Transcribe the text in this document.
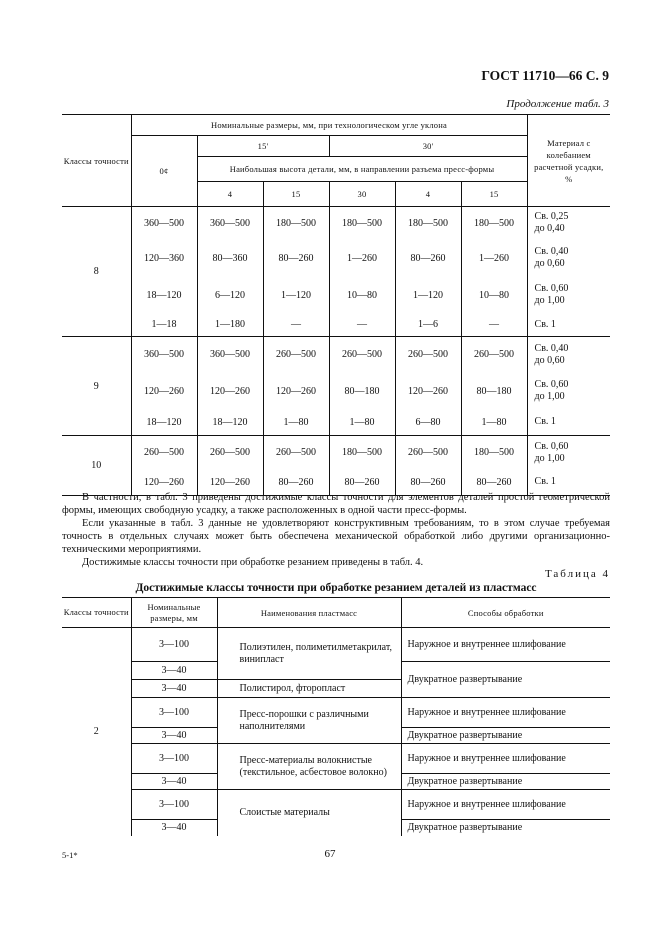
ГОСТ 11710—66 С. 9
Продолжение табл. 3
Классы точности	Номинальные размеры, мм, при технологическом угле уклона						Материал с колебанием расчетной усадки, %
	0¢	15'		30'			
		Наибольшая высота детали, мм, в направлении разъема пресс-формы					
		4	15	30	4	15	
8	360—500	360—500	180—500	180—500	180—500	180—500	Св. 0,25
до 0,40
	120—360	80—360	80—260	1—260	80—260	1—260	Св. 0,40
до 0,60
	18—120	6—120	1—120	10—80	1—120	10—80	Св. 0,60
до 1,00
	1—18	1—180	—	—	1—6	—	Св. 1
9	360—500	360—500	260—500	260—500	260—500	260—500	Св. 0,40
до 0,60
	120—260	120—260	120—260	80—180	120—260	80—180	Св. 0,60
до 1,00
	18—120	18—120	1—80	1—80	6—80	1—80	Св. 1
10	260—500	260—500	260—500	180—500	260—500	180—500	Св. 0,60
до 1,00
	120—260	120—260	80—260	80—260	80—260	80—260	Св. 1

В частности, в табл. 3 приведены достижимые классы точности для элементов деталей простой геометрической формы, имеющих свободную усадку, а также расположенных в одной части пресс-формы.

Если указанные в табл. 3 данные не удовлетворяют конструктивным требованиям, то в этом случае требуемая точность в отдельных случаях может быть обеспечена механической обработкой либо другими организационно-техническими мероприятиями.

Достижимые классы точности при обработке резанием приведены в табл. 4.

Таблица 4
Достижимые классы точности при обработке резанием деталей из пластмасс
Классы точности	Номинальные размеры, мм	Наименования пластмасс	Способы обработки
2	3—100	Полиэтилен, полиметилметакрилат, винипласт	Наружное и внутреннее шлифование
	3—40		Двукратное развертывание
	3—40	Полистирол, фторопласт	
	3—100	Пресс-порошки с различными наполнителями	Наружное и внутреннее шлифование
	3—40		Двукратное развертывание
	3—100	Пресс-материалы волокнистые (текстильное, асбестовое волокно)	Наружное и внутреннее шлифование
	3—40		Двукратное развертывание
	3—100	Слоистые материалы	Наружное и внутреннее шлифование
	3—40		Двукратное развертывание
5-1*	67
